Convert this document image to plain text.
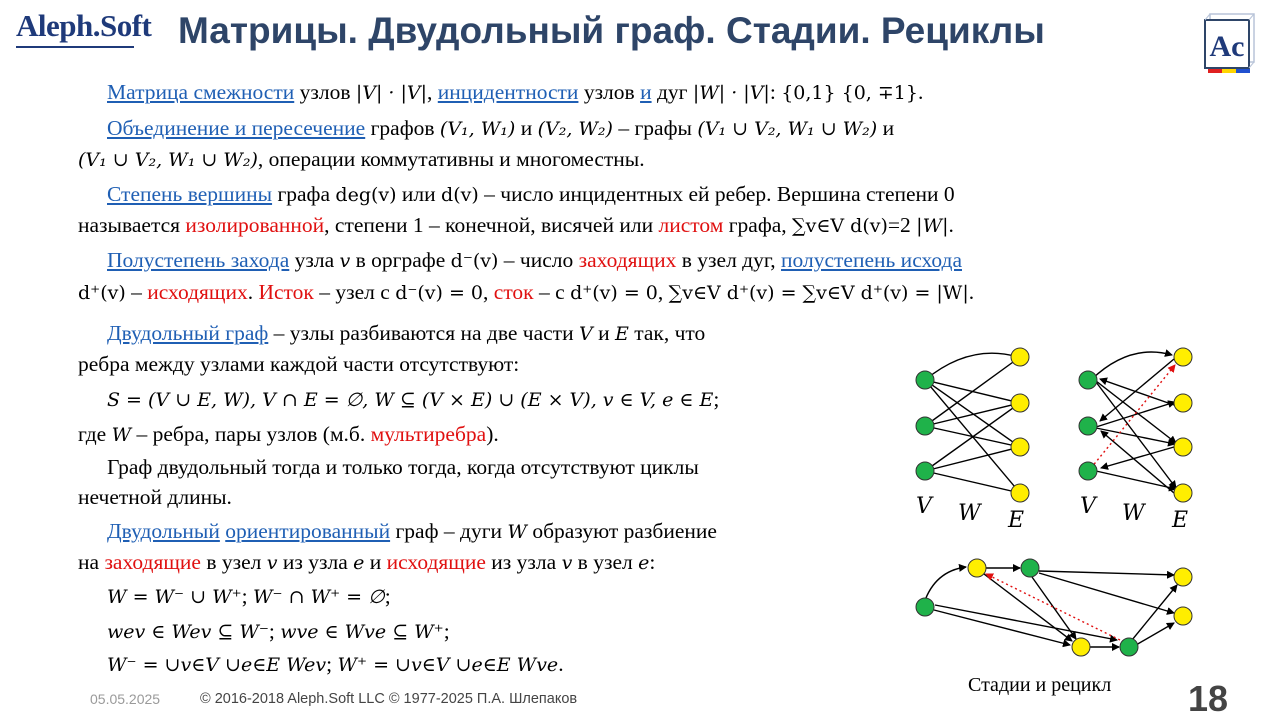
Aleph.Soft Матрицы. Двудольный граф. Стадии. Рециклы	Ac
Матрица смежности узлов |V| · |V|, инцидентности узлов и дуг |W| · |V|: {0,1} {0, ∓1}.
Объединение и пересечение графов (V₁, W₁) и (V₂, W₂) – графы (V₁ ∪ V₂, W₁ ∪ W₂) и
(V₁ ∪ V₂, W₁ ∪ W₂), операции коммутативны и многоместны.
Степень вершины графа deg(v) или d(v) – число инцидентных ей ребер. Вершина степени 0
называется изолированной, степени 1 – конечной, висячей или листом графа, ∑v∈V d(v)=2 |W|.
Полустепень захода узла v в орграфе d⁻(v) – число заходящих в узел дуг, полустепень исхода
d⁺(v) – исходящих. Исток – узел с d⁻(v) = 0, сток – с d⁺(v) = 0, ∑v∈V d⁺(v) = ∑v∈V d⁺(v) = |W|.
Двудольный граф – узлы разбиваются на две части V и E так, что
ребра между узлами каждой части отсутствуют:
S = (V ∪ E, W), V ∩ E = ∅, W ⊆ (V × E) ∪ (E × V), v ∈ V, e ∈ E;
где W – ребра, пары узлов (м.б. мультиребра).
Граф двудольный тогда и только тогда, когда отсутствуют циклы
нечетной длины.
Двудольный ориентированный граф – дуги W образуют разбиение
на заходящие в узел v из узла e и исходящие из узла v в узел e:
W = W⁻ ∪ W⁺; W⁻ ∩ W⁺ = ∅;
wev ∈ Wev ⊆ W⁻; wve ∈ Wve ⊆ W⁺;
W⁻ = ∪v∈V ∪e∈E Wev; W⁺ = ∪v∈V ∪e∈E Wve.
V W E
V W E
Стадии и рецикл
05.05.2025	© 2016-2018 Aleph.Soft LLC © 1977-2025 П.А. Шлепаков	18
